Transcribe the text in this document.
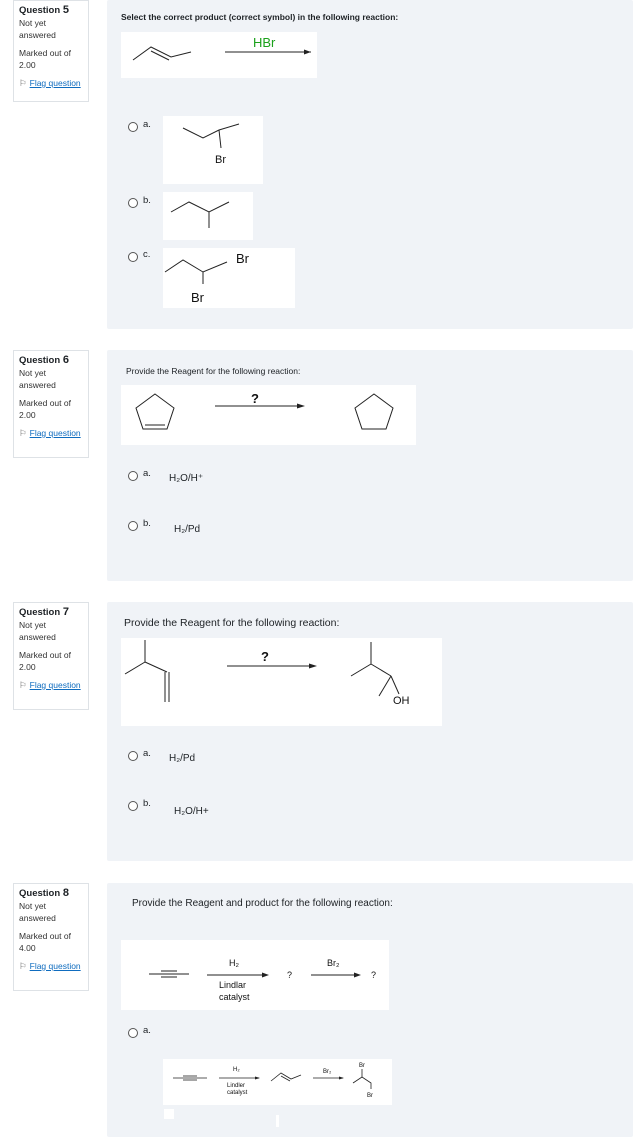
Question 5
Not yet
answered
Marked out of
2.00
⚐ Flag question
Select the correct product (correct symbol) in the following reaction:
HBr
a.
Br
b.
c.	Br
Br
Question 6
Not yet
answered
Marked out of
2.00
⚐ Flag question
Provide the Reagent for the following reaction:
?
a. H₂O/H⁺
b.
H₂/Pd
Question 7
Not yet
answered
Marked out of
2.00
⚐ Flag question
Provide the Reagent for the following reaction:
?
OH
a. H₂/Pd
b.
H₂O/H+
Question 8
Not yet
answered
Marked out of
4.00
⚐ Flag question
Provide the Reagent and product for the following reaction:
H₂
Lindlar
catalyst
?
Br₂
?
a.
H₂
Lindler
catalyst
Br₂
Br
Br
